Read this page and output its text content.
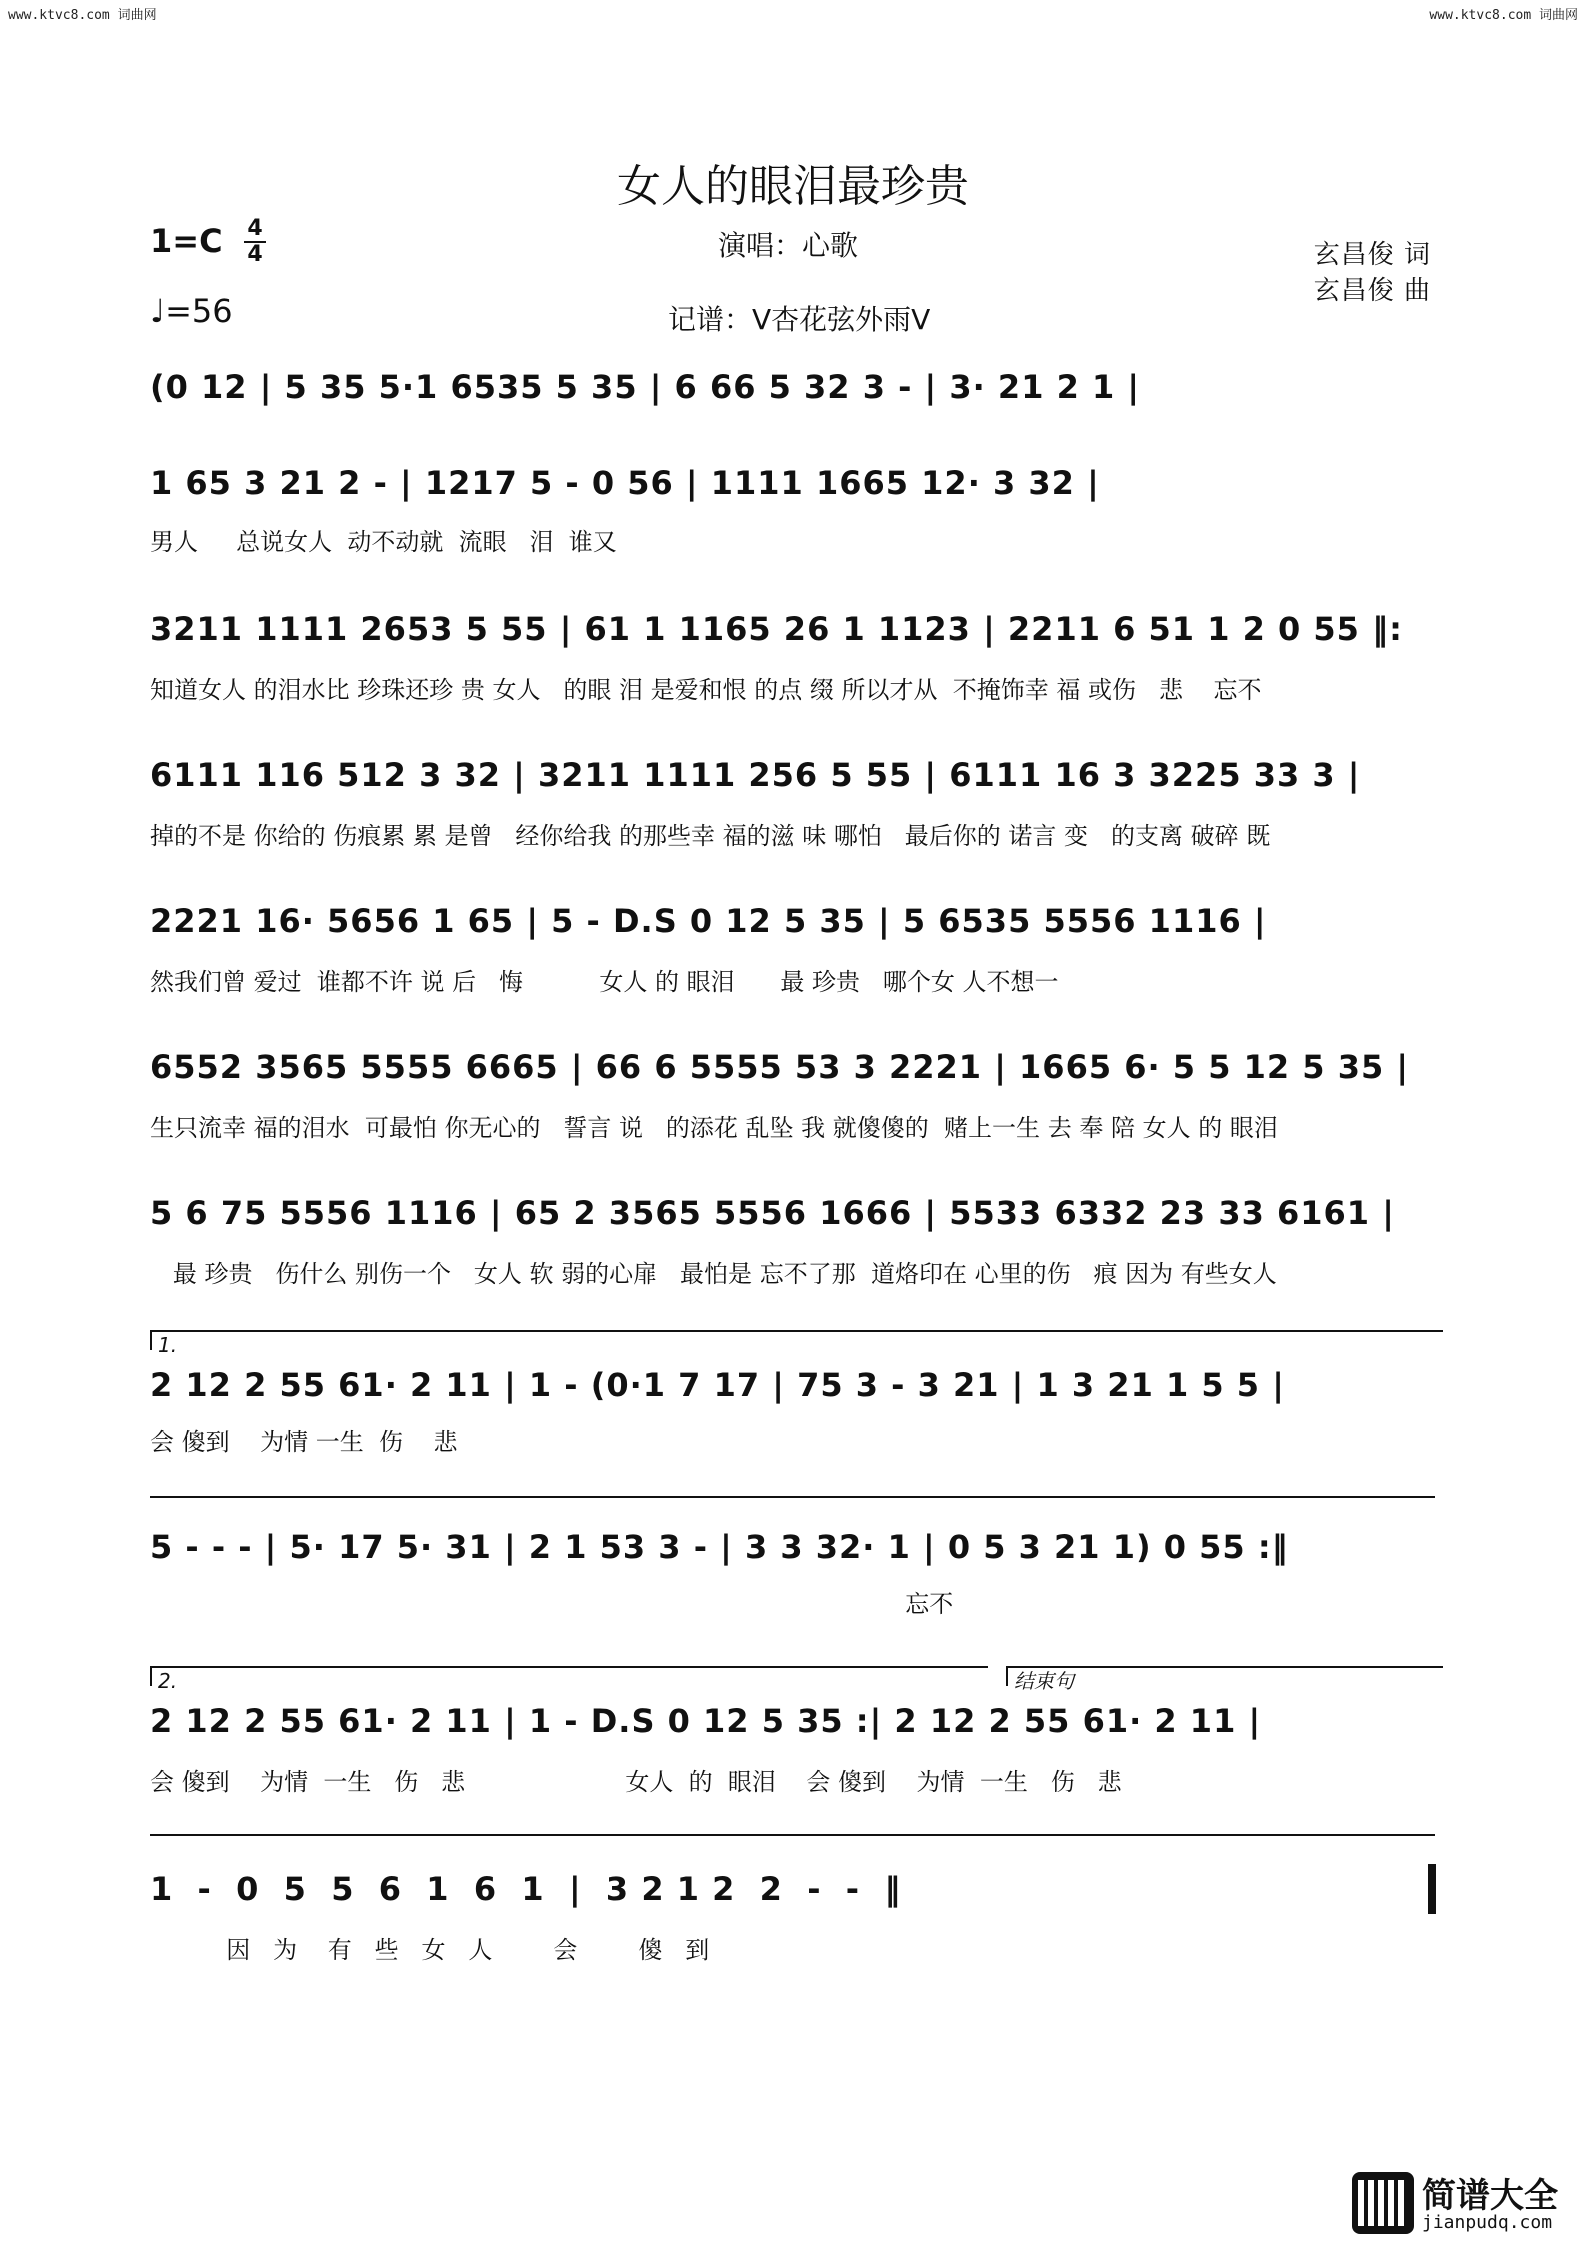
www.ktvc8.com 词曲网	www.ktvc8.com 词曲网
女人的眼泪最珍贵
1=C 4
4
♩=56
演唱：心歌
记谱：V杏花弦外雨V
玄昌俊 词
玄昌俊 曲
(0 12 | 5 35 5·1 6535 5 35 | 6 66 5 32 3 - | 3· 21 2 1 |
1 65 3 21 2 - | 1217 5 - 0 56 | 1111 1665 12· 3 32 |
男人     总说女人  动不动就  流眼   泪  谁又
3211 1111 2653 5 55 | 61 1 1165 26 1 1123 | 2211 6 51 1 2 0 55 ‖:
知道女人 的泪水比 珍珠还珍 贵 女人   的眼 泪 是爱和恨 的点 缀 所以才从  不掩饰幸 福 或伤   悲    忘不
6111 116 512 3 32 | 3211 1111 256 5 55 | 6111 16 3 3225 33 3 |
掉的不是 你给的 伤痕累 累 是曾   经你给我 的那些幸 福的滋 味 哪怕   最后你的 诺言 变   的支离 破碎 既
2221 16· 5656 1 65 | 5 - D.S 0 12 5 35 | 5 6535 5556 1116 |
然我们曾 爱过  谁都不许 说 后   悔          女人 的 眼泪      最 珍贵   哪个女 人不想一
6552 3565 5555 6665 | 66 6 5555 53 3 2221 | 1665 6· 5 5 12 5 35 |
生只流幸 福的泪水  可最怕 你无心的   誓言 说   的添花 乱坠 我 就傻傻的  赌上一生 去 奉 陪 女人 的 眼泪
5 6 75 5556 1116 | 65 2 3565 5556 1666 | 5533 6332 23 33 6161 |
最 珍贵   伤什么 别伤一个   女人 软 弱的心扉   最怕是 忘不了那  道烙印在 心里的伤   痕 因为 有些女人
1.
2 12 2 55 61· 2 11 | 1 - (0·1 7 17 | 75 3 - 3 21 | 1 3 21 1 5 5 |
会 傻到    为情 一生  伤    悲
5 - - - | 5· 17 5· 31 | 2 1 53 3 - | 3 3 32· 1 | 0 5 3 21 1) 0 55 :‖
忘不
2.	结束句
2 12 2 55 61· 2 11 | 1 - D.S 0 12 5 35 :| 2 12 2 55 61· 2 11 |
会 傻到    为情  一生   伤   悲                     女人  的  眼泪    会 傻到    为情  一生   伤   悲
1  -  0  5  5  6  1  6  1  |  3 2 1 2  2  -  -  ‖
因   为    有   些   女   人        会        傻   到
简谱大全
jianpudq.com
